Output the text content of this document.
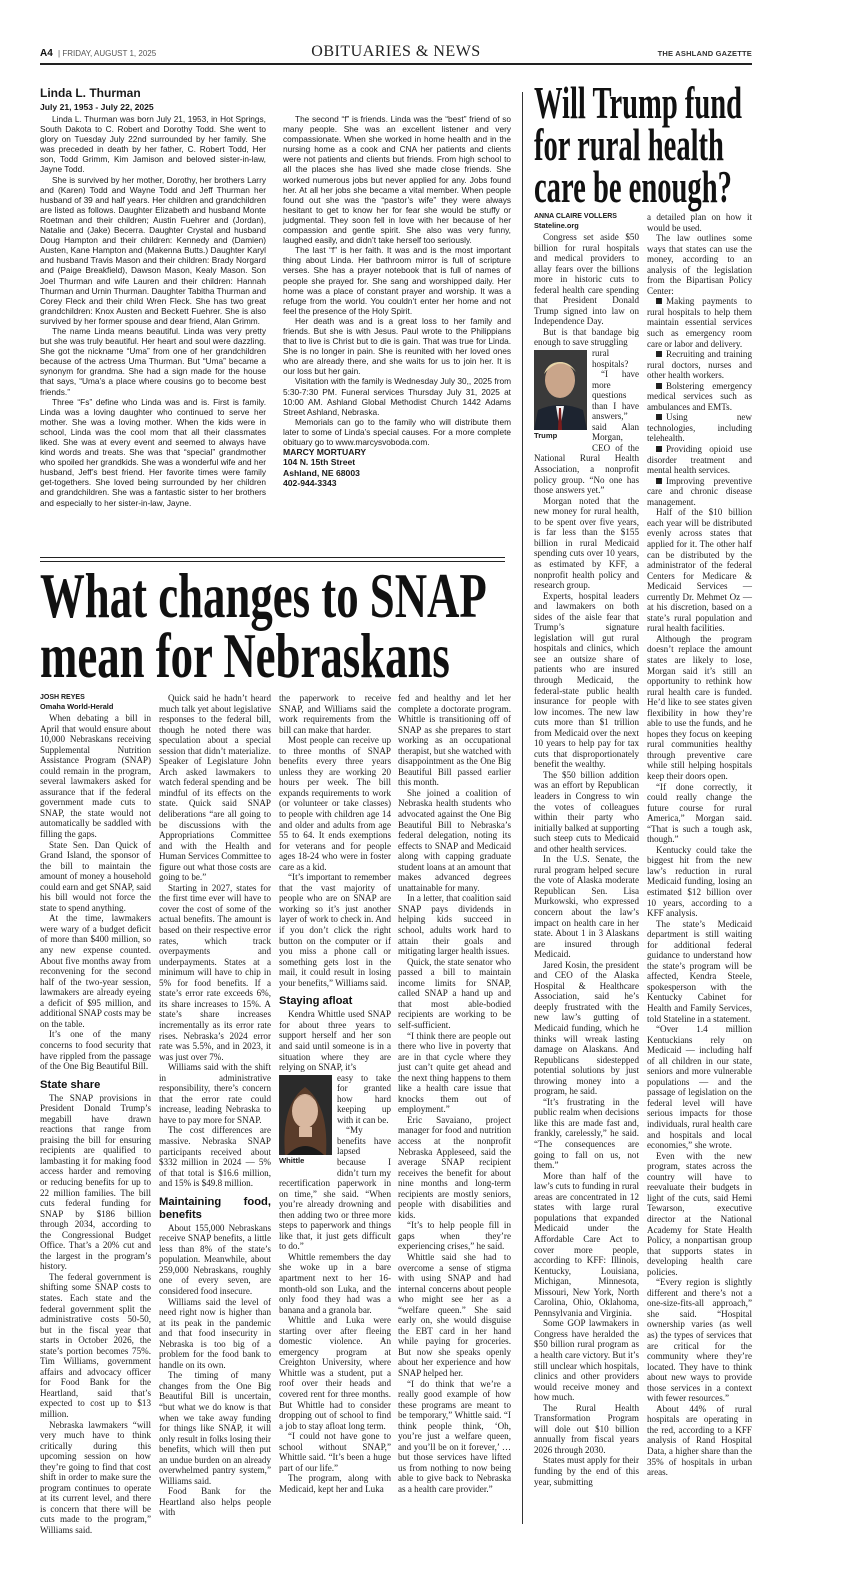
A4 | FRIDAY, AUGUST 1, 2025	OBITUARIES & NEWS	THE ASHLAND GAZETTE
Linda L. Thurman
July 21, 1953 - July 22, 2025

Linda L. Thurman was born July 21, 1953, in Hot Springs, South Dakota to C. Robert and Dorothy Todd. She went to glory on Tuesday July 22nd surrounded by her family. She was preceded in death by her father, C. Robert Todd, Her son, Todd Grimm, Kim Jamison and beloved sister-in-law, Jayne Todd.

She is survived by her mother, Dorothy, her brothers Larry and (Karen) Todd and Wayne Todd and Jeff Thurman her husband of 39 and half years. Her children and grandchildren are listed as follows. Daughter Elizabeth and husband Monte Roetman and their children; Austin Fuehrer and (Jordan), Natalie and (Jake) Becerra. Daughter Crystal and husband Doug Hampton and their children: Kennedy and (Damien) Austen, Kane Hampton and (Makenna Butts.) Daughter Karyl and husband Travis Mason and their children: Brady Norgard and (Paige Breakfield), Dawson Mason, Kealy Mason. Son Joel Thurman and wife Lauren and their children: Hannah Thurman and Urnin Thurman. Daughter Tabitha Thurman and Corey Fleck and their child Wren Fleck. She has two great grandchildren: Knox Austen and Beckett Fuehrer. She is also survived by her former spouse and dear friend, Alan Grimm.

The name Linda means beautiful. Linda was very pretty but she was truly beautiful. Her heart and soul were dazzling. She got the nickname “Uma” from one of her grandchildren because of the actress Uma Thurman. But “Uma” became a synonym for grandma. She had a sign made for the house that says, “Uma’s a place where cousins go to become best friends.”

Three “Fs” define who Linda was and is. First is family. Linda was a loving daughter who continued to serve her mother. She was a loving mother. When the kids were in school, Linda was the cool mom that all their classmates liked. She was at every event and seemed to always have kind words and treats. She was that “special” grandmother who spoiled her grandkids. She was a wonderful wife and her husband, Jeff’s best friend. Her favorite times were family get-togethers. She loved being surrounded by her children and grandchildren. She was a fantastic sister to her brothers and especially to her sister-in-law, Jayne.

The second “f” is friends. Linda was the “best” friend of so many people. She was an excellent listener and very compassionate. When she worked in home health and in the nursing home as a cook and CNA her patients and clients were not patients and clients but friends. From high school to all the places she has lived she made close friends. She worked numerous jobs but never applied for any. Jobs found her. At all her jobs she became a vital member. When people found out she was the “pastor’s wife” they were always hesitant to get to know her for fear she would be stuffy or judgmental. They soon fell in love with her because of her compassion and gentle spirit. She also was very funny, laughed easily, and didn’t take herself too seriously.

The last “f” is her faith. It was and is the most important thing about Linda. Her bathroom mirror is full of scripture verses. She has a prayer notebook that is full of names of people she prayed for. She sang and worshipped daily. Her home was a place of constant prayer and worship. It was a refuge from the world. You couldn’t enter her home and not feel the presence of the Holy Spirit.

Her death was and is a great loss to her family and friends. But she is with Jesus. Paul wrote to the Philippians that to live is Christ but to die is gain. That was true for Linda. She is no longer in pain. She is reunited with her loved ones who are already there, and she waits for us to join her. It is our loss but her gain.

Visitation with the family is Wednesday July 30,, 2025 from 5:30-7:30 PM. Funeral services Thursday July 31, 2025 at 10:00 AM. Ashland Global Methodist Church 1442 Adams Street Ashland, Nebraska.

Memorials can go to the family who will distribute them later to some of Linda’s special causes. For a more complete obituary go to www.marcysvoboda.com.

MARCY MORTUARY
104 N. 15th Street
Ashland, NE 68003
402-944-3343
Will Trump fund
for rural health
care be enough?
ANNA CLAIRE VOLLERS
Stateline.org

Congress set aside $50 billion for rural hospitals and medical providers to allay fears over the billions more in historic cuts to federal health care spending that President Donald Trump signed into law on Independence Day.

But is that bandage big enough to save struggling

Trump

rural hospitals?

“I have more questions than I have answers,” said Alan Morgan, CEO of the National Rural Health Association, a nonprofit policy group. “No one has those answers yet.”

Morgan noted that the new money for rural health, to be spent over five years, is far less than the $155 billion in rural Medicaid spending cuts over 10 years, as estimated by KFF, a nonprofit health policy and research group.

Experts, hospital leaders and lawmakers on both sides of the aisle fear that Trump’s signature legislation will gut rural hospitals and clinics, which see an outsize share of patients who are insured through Medicaid, the federal-state public health insurance for people with low incomes. The new law cuts more than $1 trillion from Medicaid over the next 10 years to help pay for tax cuts that disproportionately benefit the wealthy.

The $50 billion addition was an effort by Republican leaders in Congress to win the votes of colleagues within their party who initially balked at supporting such steep cuts to Medicaid and other health services.

In the U.S. Senate, the rural program helped secure the vote of Alaska moderate Republican Sen. Lisa Murkowski, who expressed concern about the law’s impact on health care in her state. About 1 in 3 Alaskans are insured through Medicaid.

Jared Kosin, the president and CEO of the Alaska Hospital & Healthcare Association, said he’s deeply frustrated with the new law’s gutting of Medicaid funding, which he thinks will wreak lasting damage on Alaskans. And Republicans sidestepped potential solutions by just throwing money into a program, he said.

“It’s frustrating in the public realm when decisions like this are made fast and, frankly, carelessly,” he said. “The consequences are going to fall on us, not them.”

More than half of the law’s cuts to funding in rural areas are concentrated in 12 states with large rural populations that expanded Medicaid under the Affordable Care Act to cover more people, according to KFF: Illinois, Kentucky, Louisiana, Michigan, Minnesota, Missouri, New York, North Carolina, Ohio, Oklahoma, Pennsylvania and Virginia.

Some GOP lawmakers in Congress have heralded the $50 billion rural program as a health care victory. But it’s still unclear which hospitals, clinics and other providers would receive money and how much.

The Rural Health Transformation Program will dole out $10 billion annually from fiscal years 2026 through 2030.

States must apply for their funding by the end of this year, submitting

a detailed plan on how it would be used.

The law outlines some ways that states can use the money, according to an analysis of the legislation from the Bipartisan Policy Center:

Making payments to rural hospitals to help them maintain essential services such as emergency room care or labor and delivery.

Recruiting and training rural doctors, nurses and other health workers.

Bolstering emergency medical services such as ambulances and EMTs.

Using new technologies, including telehealth.

Providing opioid use disorder treatment and mental health services.

Improving preventive care and chronic disease management.

Half of the $10 billion each year will be distributed evenly across states that applied for it. The other half can be distributed by the administrator of the federal Centers for Medicare & Medicaid Services — currently Dr. Mehmet Oz — at his discretion, based on a state’s rural population and rural health facilities.

Although the program doesn’t replace the amount states are likely to lose, Morgan said it’s still an opportunity to rethink how rural health care is funded. He’d like to see states given flexibility in how they’re able to use the funds, and he hopes they focus on keeping rural communities healthy through preventive care while still helping hospitals keep their doors open.

“If done correctly, it could really change the future course for rural America,” Morgan said. “That is such a tough ask, though.”

Kentucky could take the biggest hit from the new law’s reduction in rural Medicaid funding, losing an estimated $12 billion over 10 years, according to a KFF analysis.

The state’s Medicaid department is still waiting for additional federal guidance to understand how the state’s program will be affected, Kendra Steele, spokesperson with the Kentucky Cabinet for Health and Family Services, told Stateline in a statement.

“Over 1.4 million Kentuckians rely on Medicaid — including half of all children in our state, seniors and more vulnerable populations — and the passage of legislation on the federal level will have serious impacts for those individuals, rural health care and hospitals and local economies,” she wrote.

Even with the new program, states across the country will have to reevaluate their budgets in light of the cuts, said Hemi Tewarson, executive director at the National Academy for State Health Policy, a nonpartisan group that supports states in developing health care policies.

“Every region is slightly different and there’s not a one-size-fits-all approach,” she said. “Hospital ownership varies (as well as) the types of services that are critical for the community where they’re located. They have to think about new ways to provide those services in a context with fewer resources.”

About 44% of rural hospitals are operating in the red, according to a KFF analysis of Rand Hospital Data, a higher share than the 35% of hospitals in urban areas.

What changes to SNAP
mean for Nebraskans
JOSH REYES
Omaha World-Herald

When debating a bill in April that would ensure about 10,000 Nebraskans receiving Supplemental Nutrition Assistance Program (SNAP) could remain in the program, several lawmakers asked for assurance that if the federal government made cuts to SNAP, the state would not automatically be saddled with filling the gaps.

State Sen. Dan Quick of Grand Island, the sponsor of the bill to maintain the amount of money a household could earn and get SNAP, said his bill would not force the state to spend anything.

At the time, lawmakers were wary of a budget deficit of more than $400 million, so any new expense counted. About five months away from reconvening for the second half of the two-year session, lawmakers are already eyeing a deficit of $95 million, and additional SNAP costs may be on the table.

It’s one of the many concerns to food security that have rippled from the passage of the One Big Beautiful Bill.

State share

The SNAP provisions in President Donald Trump’s megabill have drawn reactions that range from praising the bill for ensuring recipients are qualified to lambasting it for making food access harder and removing or reducing benefits for up to 22 million families. The bill cuts federal funding for SNAP by $186 billion through 2034, according to the Congressional Budget Office. That’s a 20% cut and the largest in the program’s history.

The federal government is shifting some SNAP costs to states. Each state and the federal government split the administrative costs 50-50, but in the fiscal year that starts in October 2026, the state’s portion becomes 75%. Tim Williams, government affairs and advocacy officer for Food Bank for the Heartland, said that’s expected to cost up to $13 million.

Nebraska lawmakers “will very much have to think critically during this upcoming session on how they’re going to find that cost shift in order to make sure the program continues to operate at its current level, and there is concern that there will be cuts made to the program,” Williams said.

Quick said he hadn’t heard much talk yet about legislative responses to the federal bill, though he noted there was speculation about a special session that didn’t materialize. Speaker of Legislature John Arch asked lawmakers to watch federal spending and be mindful of its effects on the state. Quick said SNAP deliberations “are all going to be discussions with the Appropriations Committee and with the Health and Human Services Committee to figure out what those costs are going to be.”

Starting in 2027, states for the first time ever will have to cover the cost of some of the actual benefits. The amount is based on their respective error rates, which track overpayments and underpayments. States at a minimum will have to chip in 5% for food benefits. If a state’s error rate exceeds 6%, its share increases to 15%. A state’s share increases incrementally as its error rate rises. Nebraska’s 2024 error rate was 5.5%, and in 2023, it was just over 7%.

Williams said with the shift in administrative responsibility, there’s concern that the error rate could increase, leading Nebraska to have to pay more for SNAP.

The cost differences are massive. Nebraska SNAP participants received about $332 million in 2024 — 5% of that total is $16.6 million, and 15% is $49.8 million.

Maintaining food, benefits

About 155,000 Nebraskans receive SNAP benefits, a little less than 8% of the state’s population. Meanwhile, about 259,000 Nebraskans, roughly one of every seven, are considered food insecure.

Williams said the level of need right now is higher than at its peak in the pandemic and that food insecurity in Nebraska is too big of a problem for the food bank to handle on its own.

The timing of many changes from the One Big Beautiful Bill is uncertain, “but what we do know is that when we take away funding for things like SNAP, it will only result in folks losing their benefits, which will then put an undue burden on an already overwhelmed pantry system,” Williams said.

Food Bank for the Heartland also helps people with

the paperwork to receive SNAP, and Williams said the work requirements from the bill can make that harder.

Most people can receive up to three months of SNAP benefits every three years unless they are working 20 hours per week. The bill expands requirements to work (or volunteer or take classes) to people with children age 14 and older and adults from age 55 to 64. It ends exemptions for veterans and for people ages 18-24 who were in foster care as a kid.

“It’s important to remember that the vast majority of people who are on SNAP are working so it’s just another layer of work to check in. And if you don’t click the right button on the computer or if you miss a phone call or something gets lost in the mail, it could result in losing your benefits,” Williams said.

Staying afloat

Kendra Whittle used SNAP for about three years to support herself and her son and said until someone is in a situation where they are relying on SNAP, it’s

Whittle

easy to take for granted how hard keeping up with it can be.

“My benefits have lapsed because I didn’t turn my recertification paperwork in on time,” she said. “When you’re already drowning and then adding two or three more steps to paperwork and things like that, it just gets difficult to do.”

Whittle remembers the day she woke up in a bare apartment next to her 16-month-old son Luka, and the only food they had was a banana and a granola bar.

Whittle and Luka were starting over after fleeing domestic violence. An emergency program at Creighton University, where Whittle was a student, put a roof over their heads and covered rent for three months. But Whittle had to consider dropping out of school to find a job to stay afloat long term.

“I could not have gone to school without SNAP,” Whittle said. “It’s been a huge part of our life.”

The program, along with Medicaid, kept her and Luka

fed and healthy and let her complete a doctorate program. Whittle is transitioning off of SNAP as she prepares to start working as an occupational therapist, but she watched with disappointment as the One Big Beautiful Bill passed earlier this month.

She joined a coalition of Nebraska health students who advocated against the One Big Beautiful Bill to Nebraska’s federal delegation, noting its effects to SNAP and Medicaid along with capping graduate student loans at an amount that makes advanced degrees unattainable for many.

In a letter, that coalition said SNAP pays dividends in helping kids succeed in school, adults work hard to attain their goals and mitigating larger health issues.

Quick, the state senator who passed a bill to maintain income limits for SNAP, called SNAP a hand up and that most able-bodied recipients are working to be self-sufficient.

“I think there are people out there who live in poverty that are in that cycle where they just can’t quite get ahead and the next thing happens to them like a health care issue that knocks them out of employment.”

Eric Savaiano, project manager for food and nutrition access at the nonprofit Nebraska Appleseed, said the average SNAP recipient receives the benefit for about nine months and long-term recipients are mostly seniors, people with disabilities and kids.

“It’s to help people fill in gaps when they’re experiencing crises,” he said.

Whittle said she had to overcome a sense of stigma with using SNAP and had internal concerns about people who might see her as a “welfare queen.” She said early on, she would disguise the EBT card in her hand while paying for groceries. But now she speaks openly about her experience and how SNAP helped her.

“I do think that we’re a really good example of how these programs are meant to be temporary,” Whittle said. “I think people think, ‘Oh, you’re just a welfare queen, and you’ll be on it forever,’ … but those services have lifted us from nothing to now being able to give back to Nebraska as a health care provider.”
